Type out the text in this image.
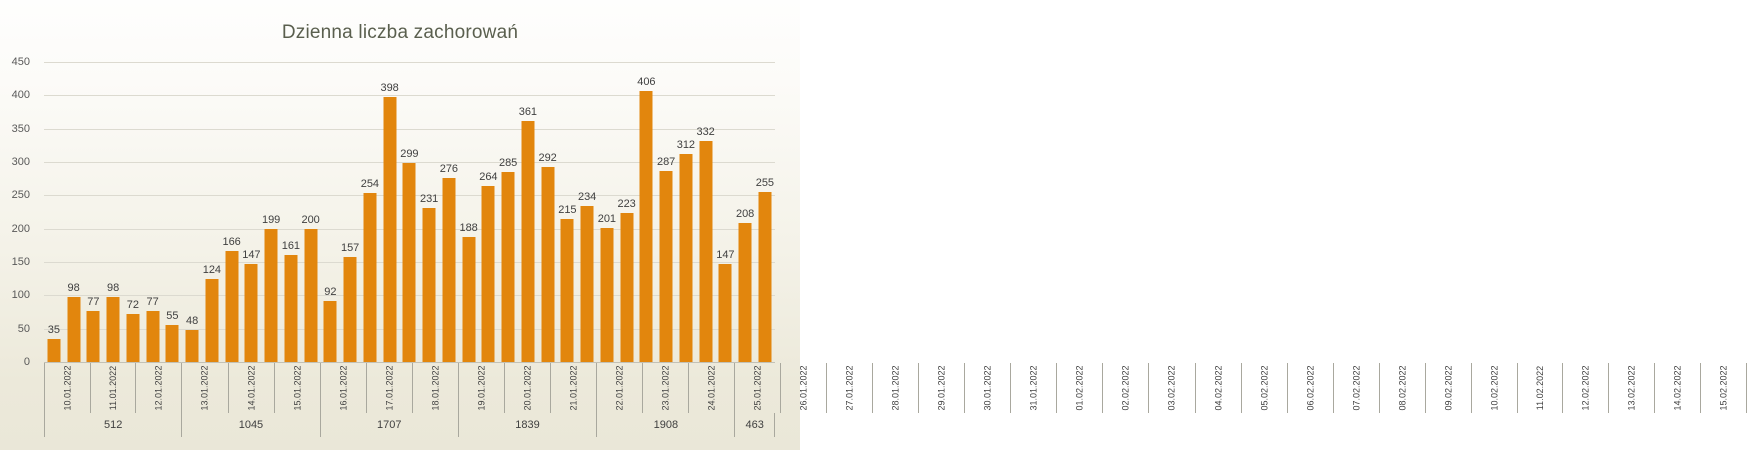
Dzienna liczba zachorowań
0
50
100
150
200
250
300
350
400
450
35
98
77
98
72 77
55 48
124
166
147
199
161
200
92
157
254
398
299
231
276
188
264
285
361
292
215
234
201
223
406
287
312
332
147
208
255
10.01.2022	11.01.2022	12.01.2022	13.01.2022	14.01.2022	15.01.2022	16.01.2022	17.01.2022	18.01.2022	19.01.2022	20.01.2022	21.01.2022	22.01.2022	23.01.2022	24.01.2022	25.01.2022	26.01.2022	27.01.2022	28.01.2022	29.01.2022	30.01.2022	31.01.2022	01.02.2022	02.02.2022	03.02.2022	04.02.2022	05.02.2022	06.02.2022	07.02.2022	08.02.2022	09.02.2022	10.02.2022	11.02.2022	12.02.2022	13.02.2022	14.02.2022	15.02.2022
512	1045	1707	1839	1908	463
